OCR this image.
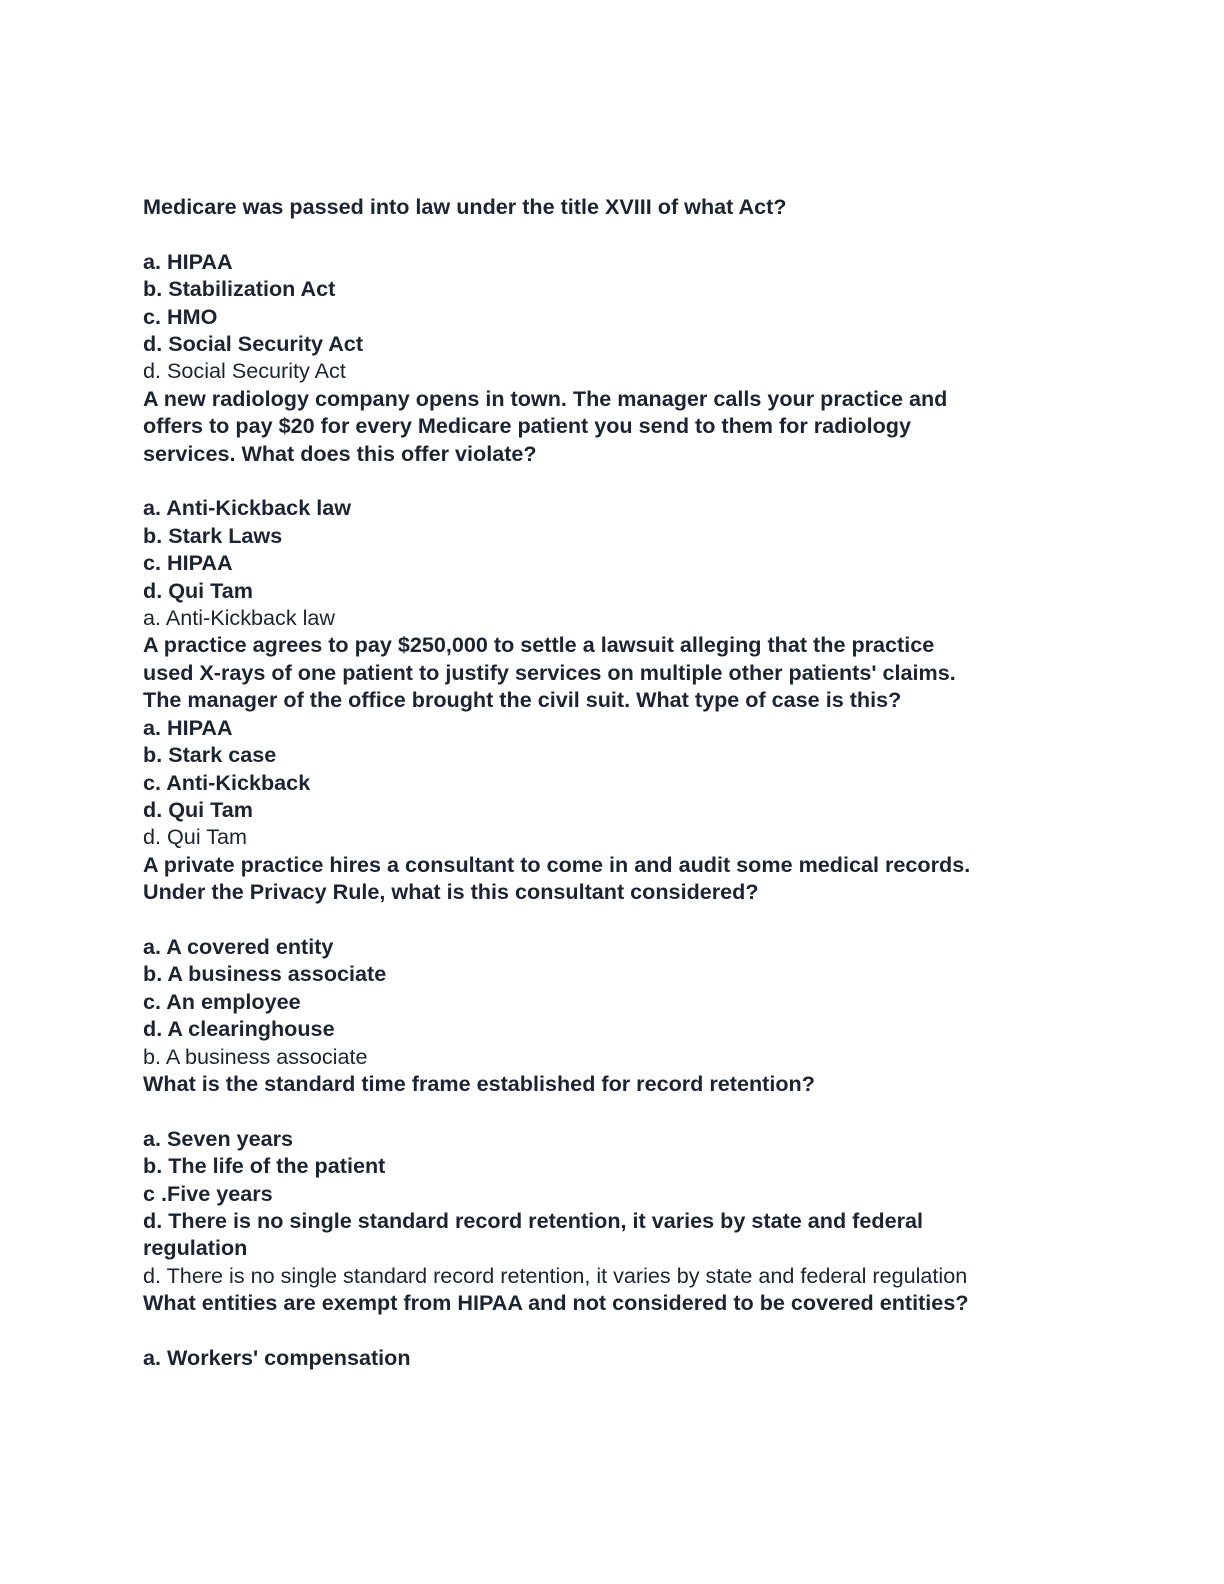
Medicare was passed into law under the title XVIII of what Act?
a. HIPAA
b. Stabilization Act
c. HMO
d. Social Security Act
d. Social Security Act
A new radiology company opens in town. The manager calls your practice and
offers to pay $20 for every Medicare patient you send to them for radiology
services. What does this offer violate?
a. Anti-Kickback law
b. Stark Laws
c. HIPAA
d. Qui Tam
a. Anti-Kickback law
A practice agrees to pay $250,000 to settle a lawsuit alleging that the practice
used X-rays of one patient to justify services on multiple other patients' claims.
The manager of the office brought the civil suit. What type of case is this?
a. HIPAA
b. Stark case
c. Anti-Kickback
d. Qui Tam
d. Qui Tam
A private practice hires a consultant to come in and audit some medical records.
Under the Privacy Rule, what is this consultant considered?
a. A covered entity
b. A business associate
c. An employee
d. A clearinghouse
b. A business associate
What is the standard time frame established for record retention?
a. Seven years
b. The life of the patient
c .Five years
d. There is no single standard record retention, it varies by state and federal
regulation
d. There is no single standard record retention, it varies by state and federal regulation
What entities are exempt from HIPAA and not considered to be covered entities?
a. Workers' compensation
